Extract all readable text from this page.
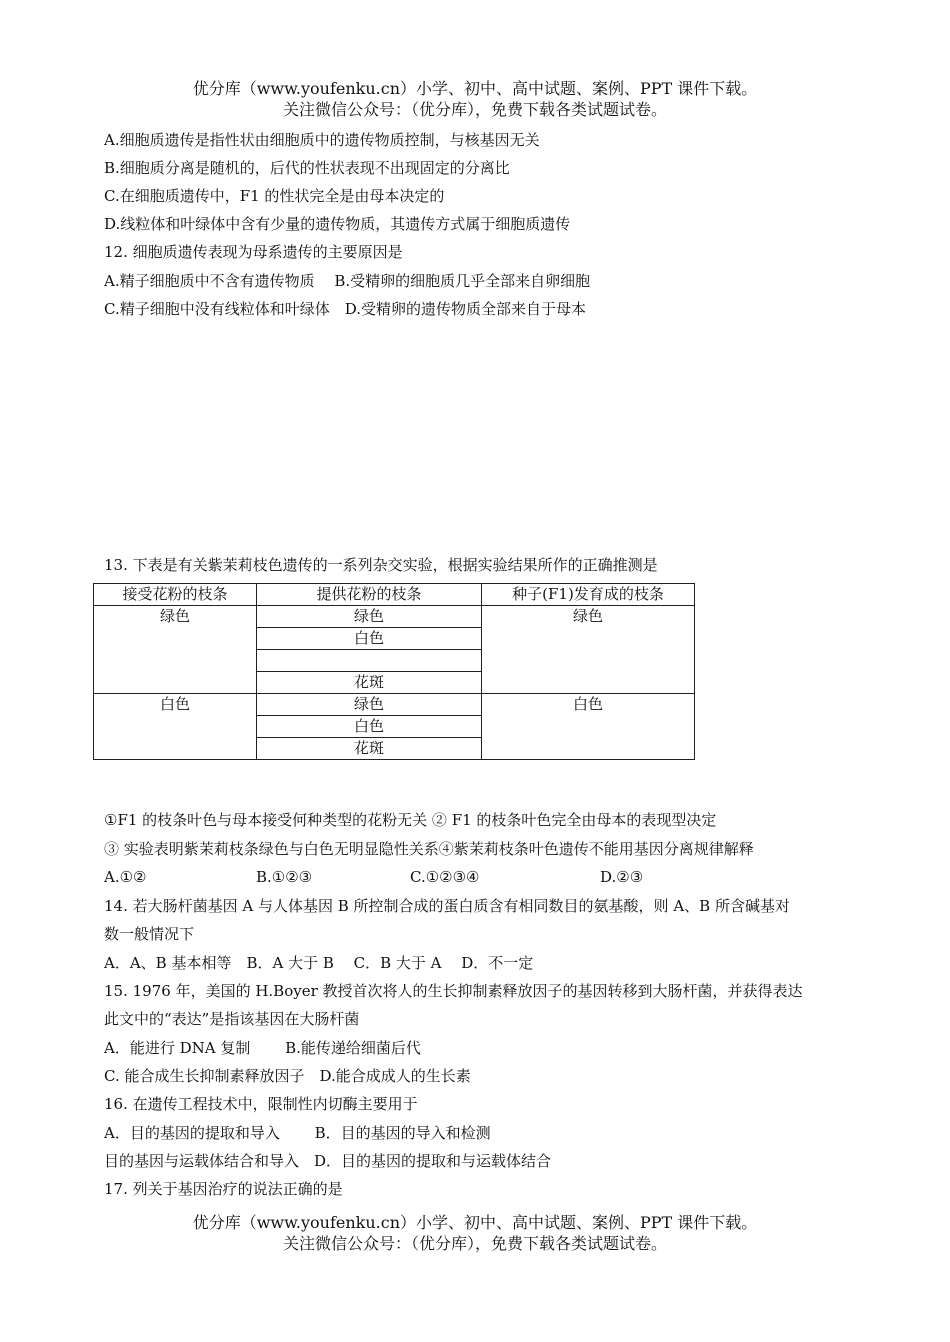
优分库（www.youfenku.cn）小学、初中、高中试题、案例、PPT 课件下载。
关注微信公众号：（优分库），免费下载各类试题试卷。
A.细胞质遗传是指性状由细胞质中的遗传物质控制，与核基因无关
B.细胞质分离是随机的，后代的性状表现不出现固定的分离比
C.在细胞质遗传中，F1 的性状完全是由母本决定的
D.线粒体和叶绿体中含有少量的遗传物质，其遗传方式属于细胞质遗传
12. 细胞质遗传表现为母系遗传的主要原因是
A.精子细胞质中不含有遗传物质　 B.受精卵的细胞质几乎全部来自卵细胞
C.精子细胞中没有线粒体和叶绿体　D.受精卵的遗传物质全部来自于母本
13. 下表是有关紫茉莉枝色遗传的一系列杂交实验，根据实验结果所作的正确推测是
接受花粉的枝条	提供花粉的枝条	种子(F1)发育成的枝条
绿色	绿色	绿色
	白色	

	花斑	
白色	绿色	白色
	白色	
	花斑	
①F1 的枝条叶色与母本接受何种类型的花粉无关 ② F1 的枝条叶色完全由母本的表现型决定
③ 实验表明紫茉莉枝条绿色与白色无明显隐性关系④紫茉莉枝条叶色遗传不能用基因分离规律解释
A.①②	B.①②③	C.①②③④	D.②③
14. 若大肠杆菌基因 A 与人体基因 B 所控制合成的蛋白质含有相同数目的氨基酸，则 A、B 所含碱基对
数一般情况下
A．A、B 基本相等　B．A 大于 B　 C．B 大于 A　 D．不一定
15. 1976 年，美国的 H.Boyer 教授首次将人的生长抑制素释放因子的基因转移到大肠杆菌，并获得表达
此文中的“表达”是指该基因在大肠杆菌
A．能进行 DNA 复制　　 B.能传递给细菌后代
C. 能合成生长抑制素释放因子　D.能合成成人的生长素
16. 在遗传工程技术中，限制性内切酶主要用于
A．目的基因的提取和导入　　 B．目的基因的导入和检测
目的基因与运载体结合和导入　D．目的基因的提取和与运载体结合
17. 列关于基因治疗的说法正确的是
优分库（www.youfenku.cn）小学、初中、高中试题、案例、PPT 课件下载。
关注微信公众号：（优分库），免费下载各类试题试卷。
